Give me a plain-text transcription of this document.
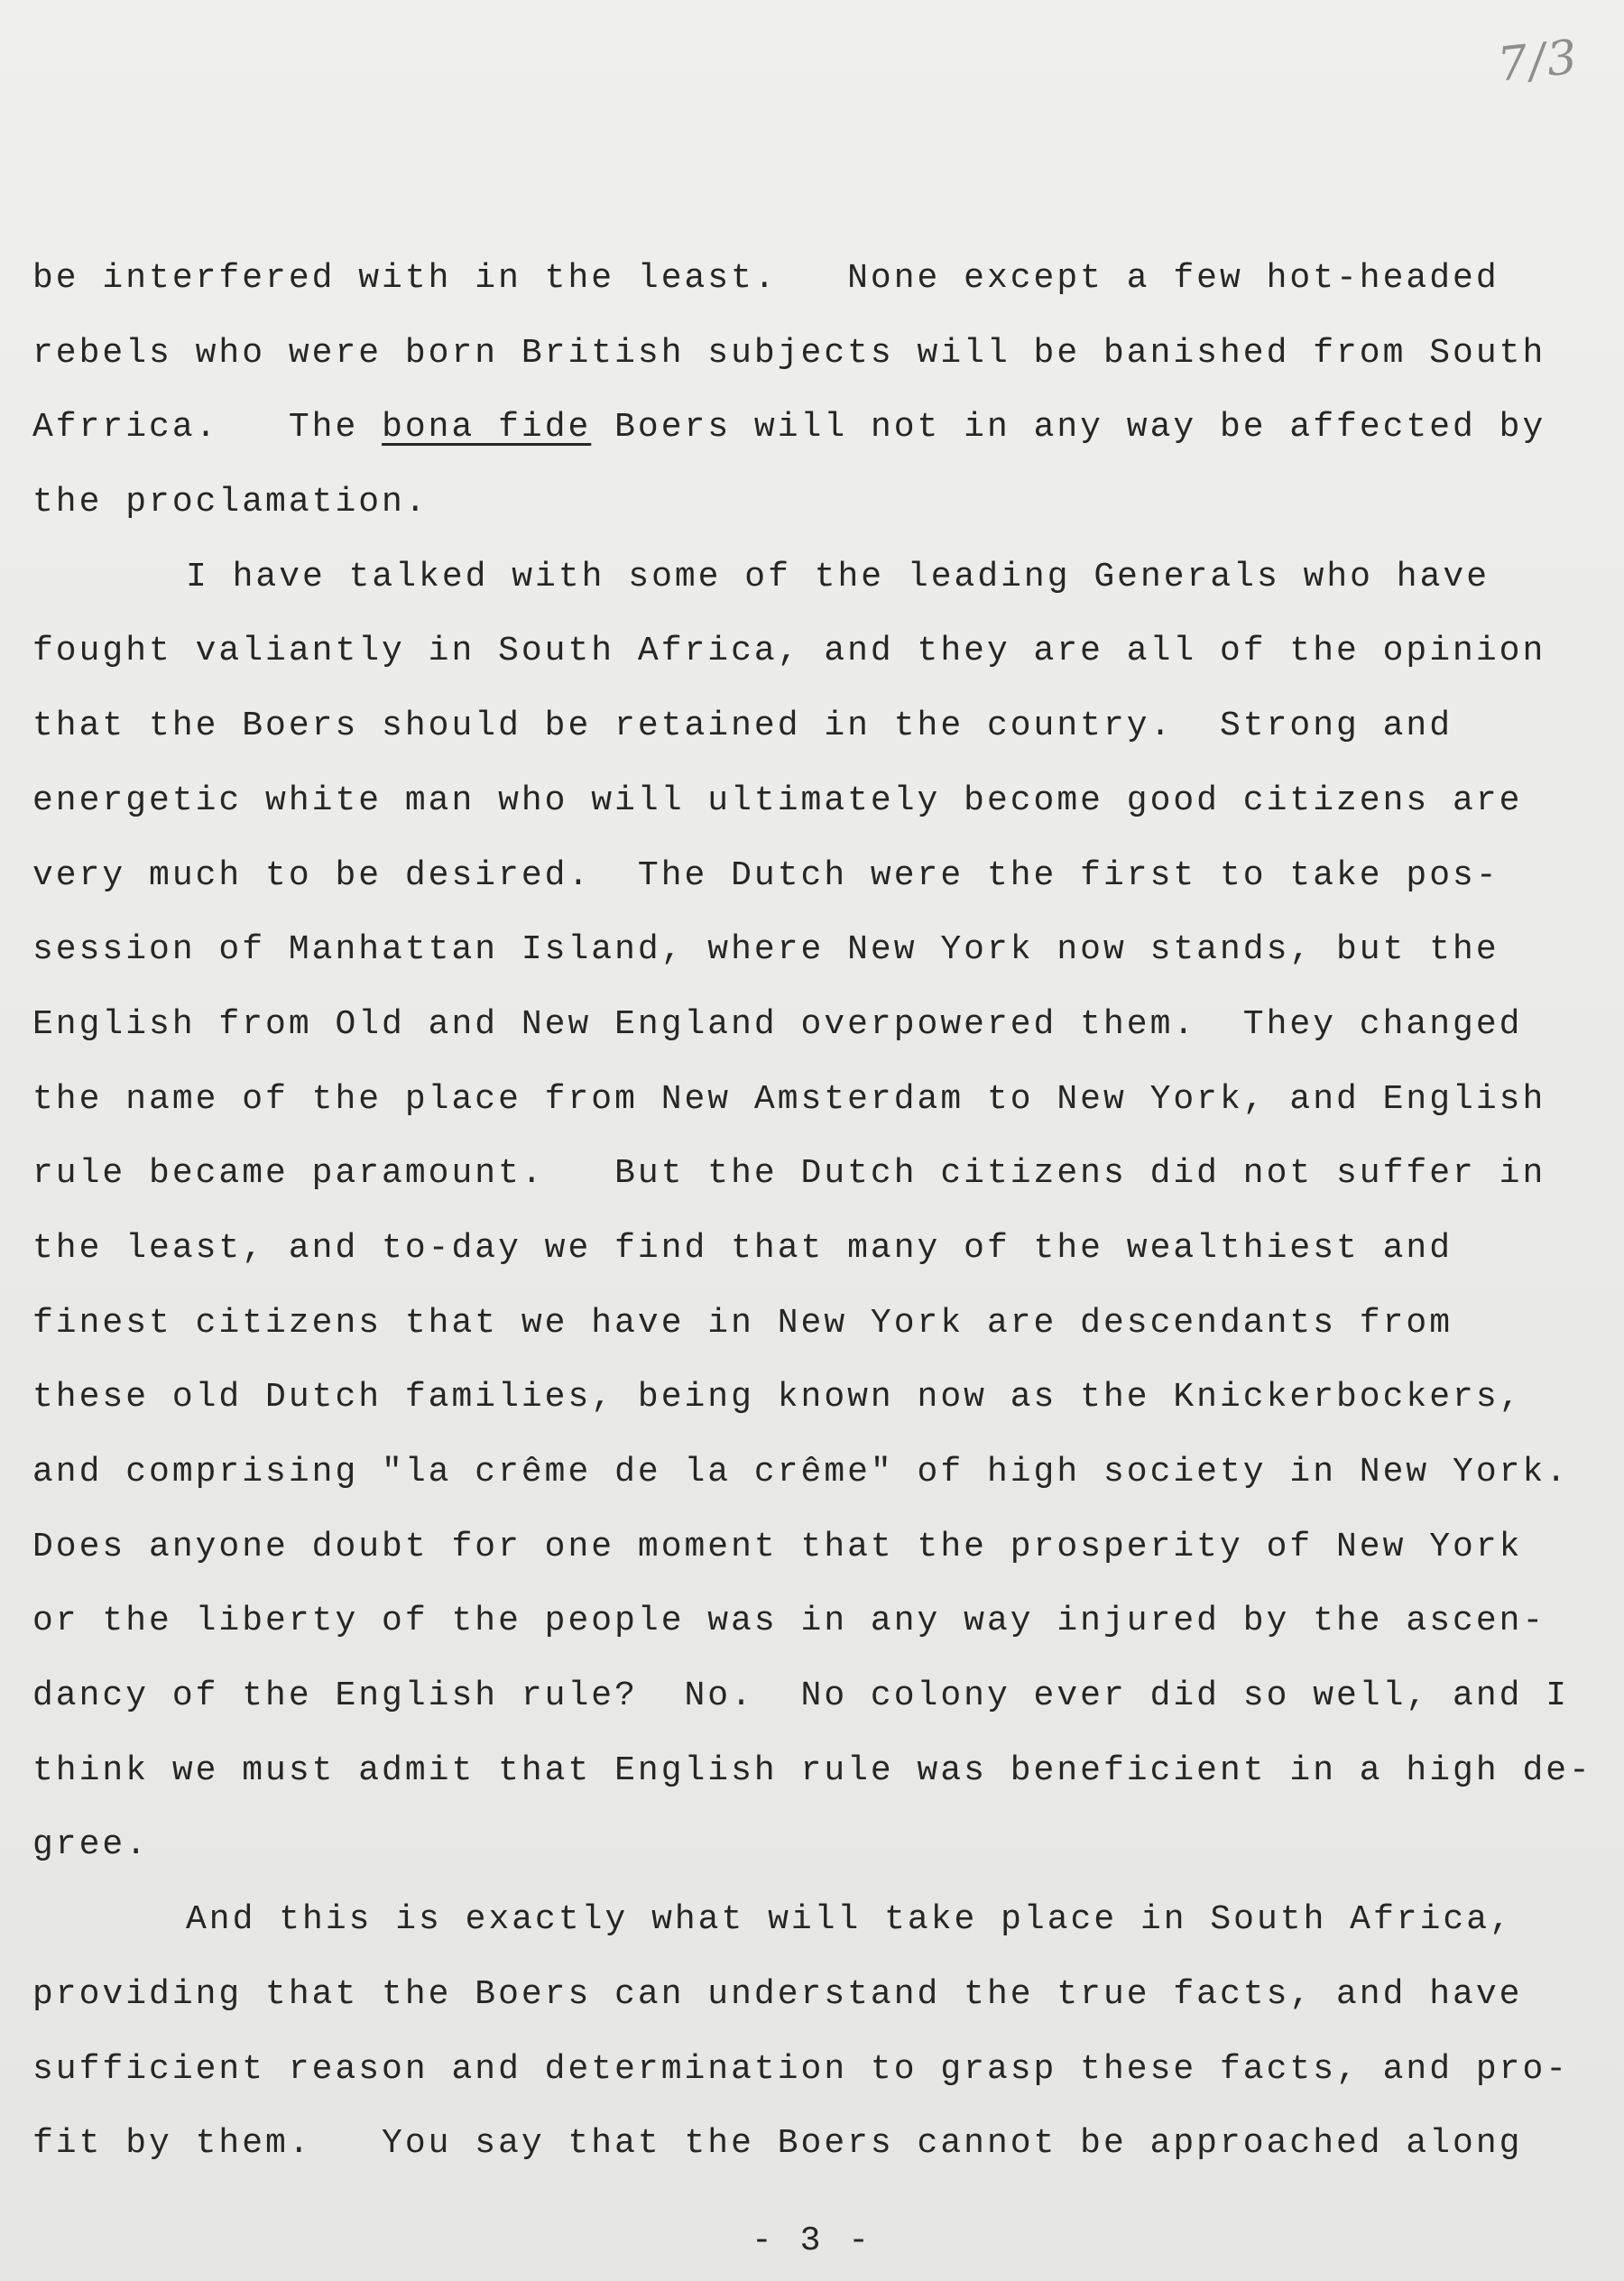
7/3
be interfered with in the least.   None except a few hot-headed
rebels who were born British subjects will be banished from South
Afrrica.   The bona fide Boers will not in any way be affected by
the proclamation.
I have talked with some of the leading Generals who have
fought valiantly in South Africa, and they are all of the opinion
that the Boers should be retained in the country.  Strong and
energetic white man who will ultimately become good citizens are
very much to be desired.  The Dutch were the first to take pos-
session of Manhattan Island, where New York now stands, but the
English from Old and New England overpowered them.  They changed
the name of the place from New Amsterdam to New York, and English
rule became paramount.   But the Dutch citizens did not suffer in
the least, and to-day we find that many of the wealthiest and
finest citizens that we have in New York are descendants from
these old Dutch families, being known now as the Knickerbockers,
and comprising "la crême de la crême" of high society in New York.
Does anyone doubt for one moment that the prosperity of New York
or the liberty of the people was in any way injured by the ascen-
dancy of the English rule?  No.  No colony ever did so well, and I
think we must admit that English rule was beneficient in a high de-
gree.
And this is exactly what will take place in South Africa,
providing that the Boers can understand the true facts, and have
sufficient reason and determination to grasp these facts, and pro-
fit by them.   You say that the Boers cannot be approached along
- 3 -
